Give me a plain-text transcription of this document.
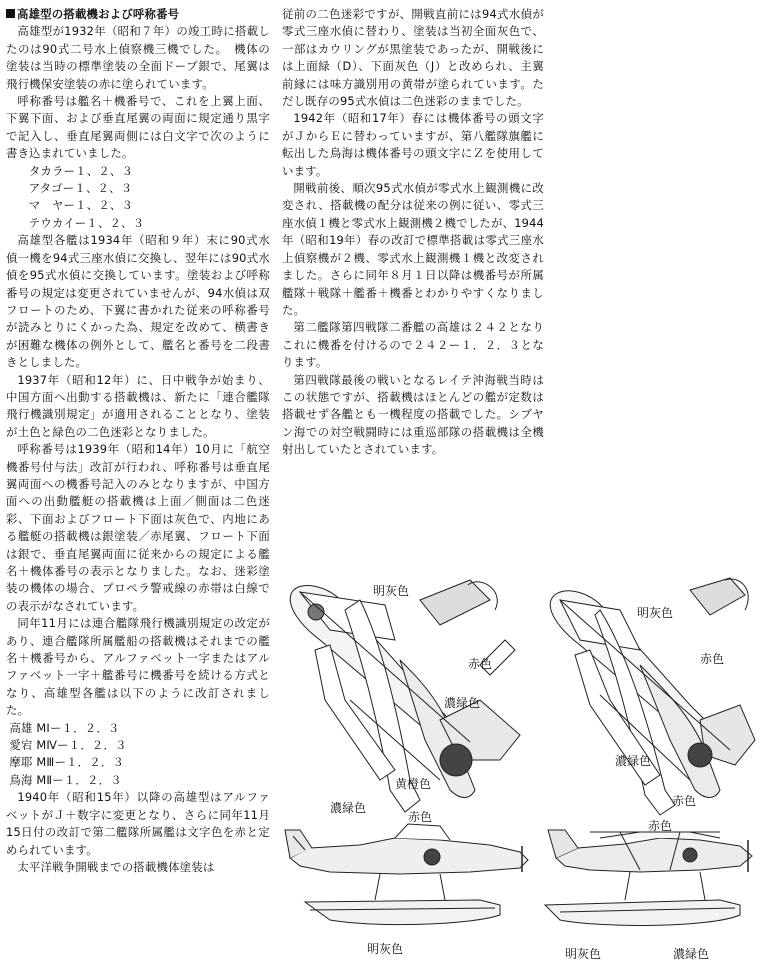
高雄型の搭載機および呼称番号

高雄型が1932年（昭和７年）の竣工時に搭載したのは90式二号水上偵察機三機でした。　機体の塗装は当時の標準塗装の全面ドープ銀で、尾翼は飛行機保安塗装の赤に塗られています。

呼称番号は艦名＋機番号で、これを上翼上面、下翼下面、および垂直尾翼の両面に規定通り黒字で記入し、垂直尾翼両側には白文字で次のように書き込まれていました。

タカラー１、２、３

アタゴー１、２、３

マ　ヤー１、２、３

テウカイー１、２、３

高雄型各艦は1934年（昭和９年）末に90式水偵一機を94式三座水偵に交換し、翌年には90式水偵を95式水偵に交換しています。塗装および呼称番号の規定は変更されていませんが、94水偵は双フロートのため、下翼に書かれた従来の呼称番号が読みとりにくかった為、規定を改めて、横書きが困難な機体の例外として、艦名と番号を二段書きとしました。

1937年（昭和12年）に、日中戦争が始まり、中国方面へ出動する搭載機は、新たに「連合艦隊飛行機識別規定」が適用されることとなり、塗装が土色と緑色の二色迷彩となりました。

呼称番号は1939年（昭和14年）10月に「航空機番号付与法」改訂が行われ、呼称番号は垂直尾翼両面への機番号記入のみとなりますが、中国方面への出動艦艇の搭載機は上面／側面は二色迷彩、下面およびフロート下面は灰色で、内地にある艦艇の搭載機は銀塗装／赤尾翼、フロート下面は銀で、垂直尾翼両面に従来からの規定による艦名＋機体番号の表示となりました。なお、迷彩塗装の機体の場合、プロペラ警戒線の赤帯は白線での表示がなされています。

同年11月には連合艦隊飛行機識別規定の改定があり、連合艦隊所属艦船の搭載機はそれまでの艦名＋機番号から、アルファベット一字またはアルファベット一字＋艦番号に機番号を続ける方式となり、高雄型各艦は以下のように改訂されました。

高雄 MⅠー１．２．３

愛宕 MⅣー１．２．３

摩耶 MⅢー１．２．３

鳥海 MⅡー１．２．３

1940年（昭和15年）以降の高雄型はアルファベットがＪ＋数字に変更となり、さらに同年11月15日付の改訂で第二艦隊所属艦は文字色を赤と定められています。

太平洋戦争開戦までの搭載機体塗装は

従前の二色迷彩ですが、開戦直前には94式水偵が零式三座水偵に替わり、塗装は当初全面灰色で、一部はカウリングが黒塗装であったが、開戦後には上面緑（D）、下面灰色（J）と改められ、主翼前縁には味方識別用の黄帯が塗られています。ただし既存の95式水偵は二色迷彩のままでした。

1942年（昭和17年）春には機体番号の頭文字がＪからＥに替わっていますが、第八艦隊旗艦に転出した鳥海は機体番号の頭文字にＺを使用しています。

開戦前後、順次95式水偵が零式水上観測機に改変され、搭載機の配分は従来の例に従い、零式三座水偵１機と零式水上観測機２機でしたが、1944年（昭和19年）春の改訂で標準搭載は零式三座水上偵察機が２機、零式水上観測機１機と改変されました。さらに同年８月１日以降は機番号が所属艦隊＋戦隊＋艦番＋機番とわかりやすくなりました。

第二艦隊第四戦隊二番艦の高雄は２４２となりこれに機番を付けるので２４２ー１．２．３となります。

第四戦隊最後の戦いとなるレイテ沖海戦当時はこの状態ですが、搭載機はほとんどの艦が定数は搭載せず各艦とも一機程度の搭載でした。シブヤン海での対空戦闘時には重巡部隊の搭載機は全機射出していたとされています。

明灰色
赤色
濃緑色
黄橙色
明灰色
赤色
濃緑色
赤色
濃緑色
赤色
明灰色
赤色
明灰色	濃緑色
